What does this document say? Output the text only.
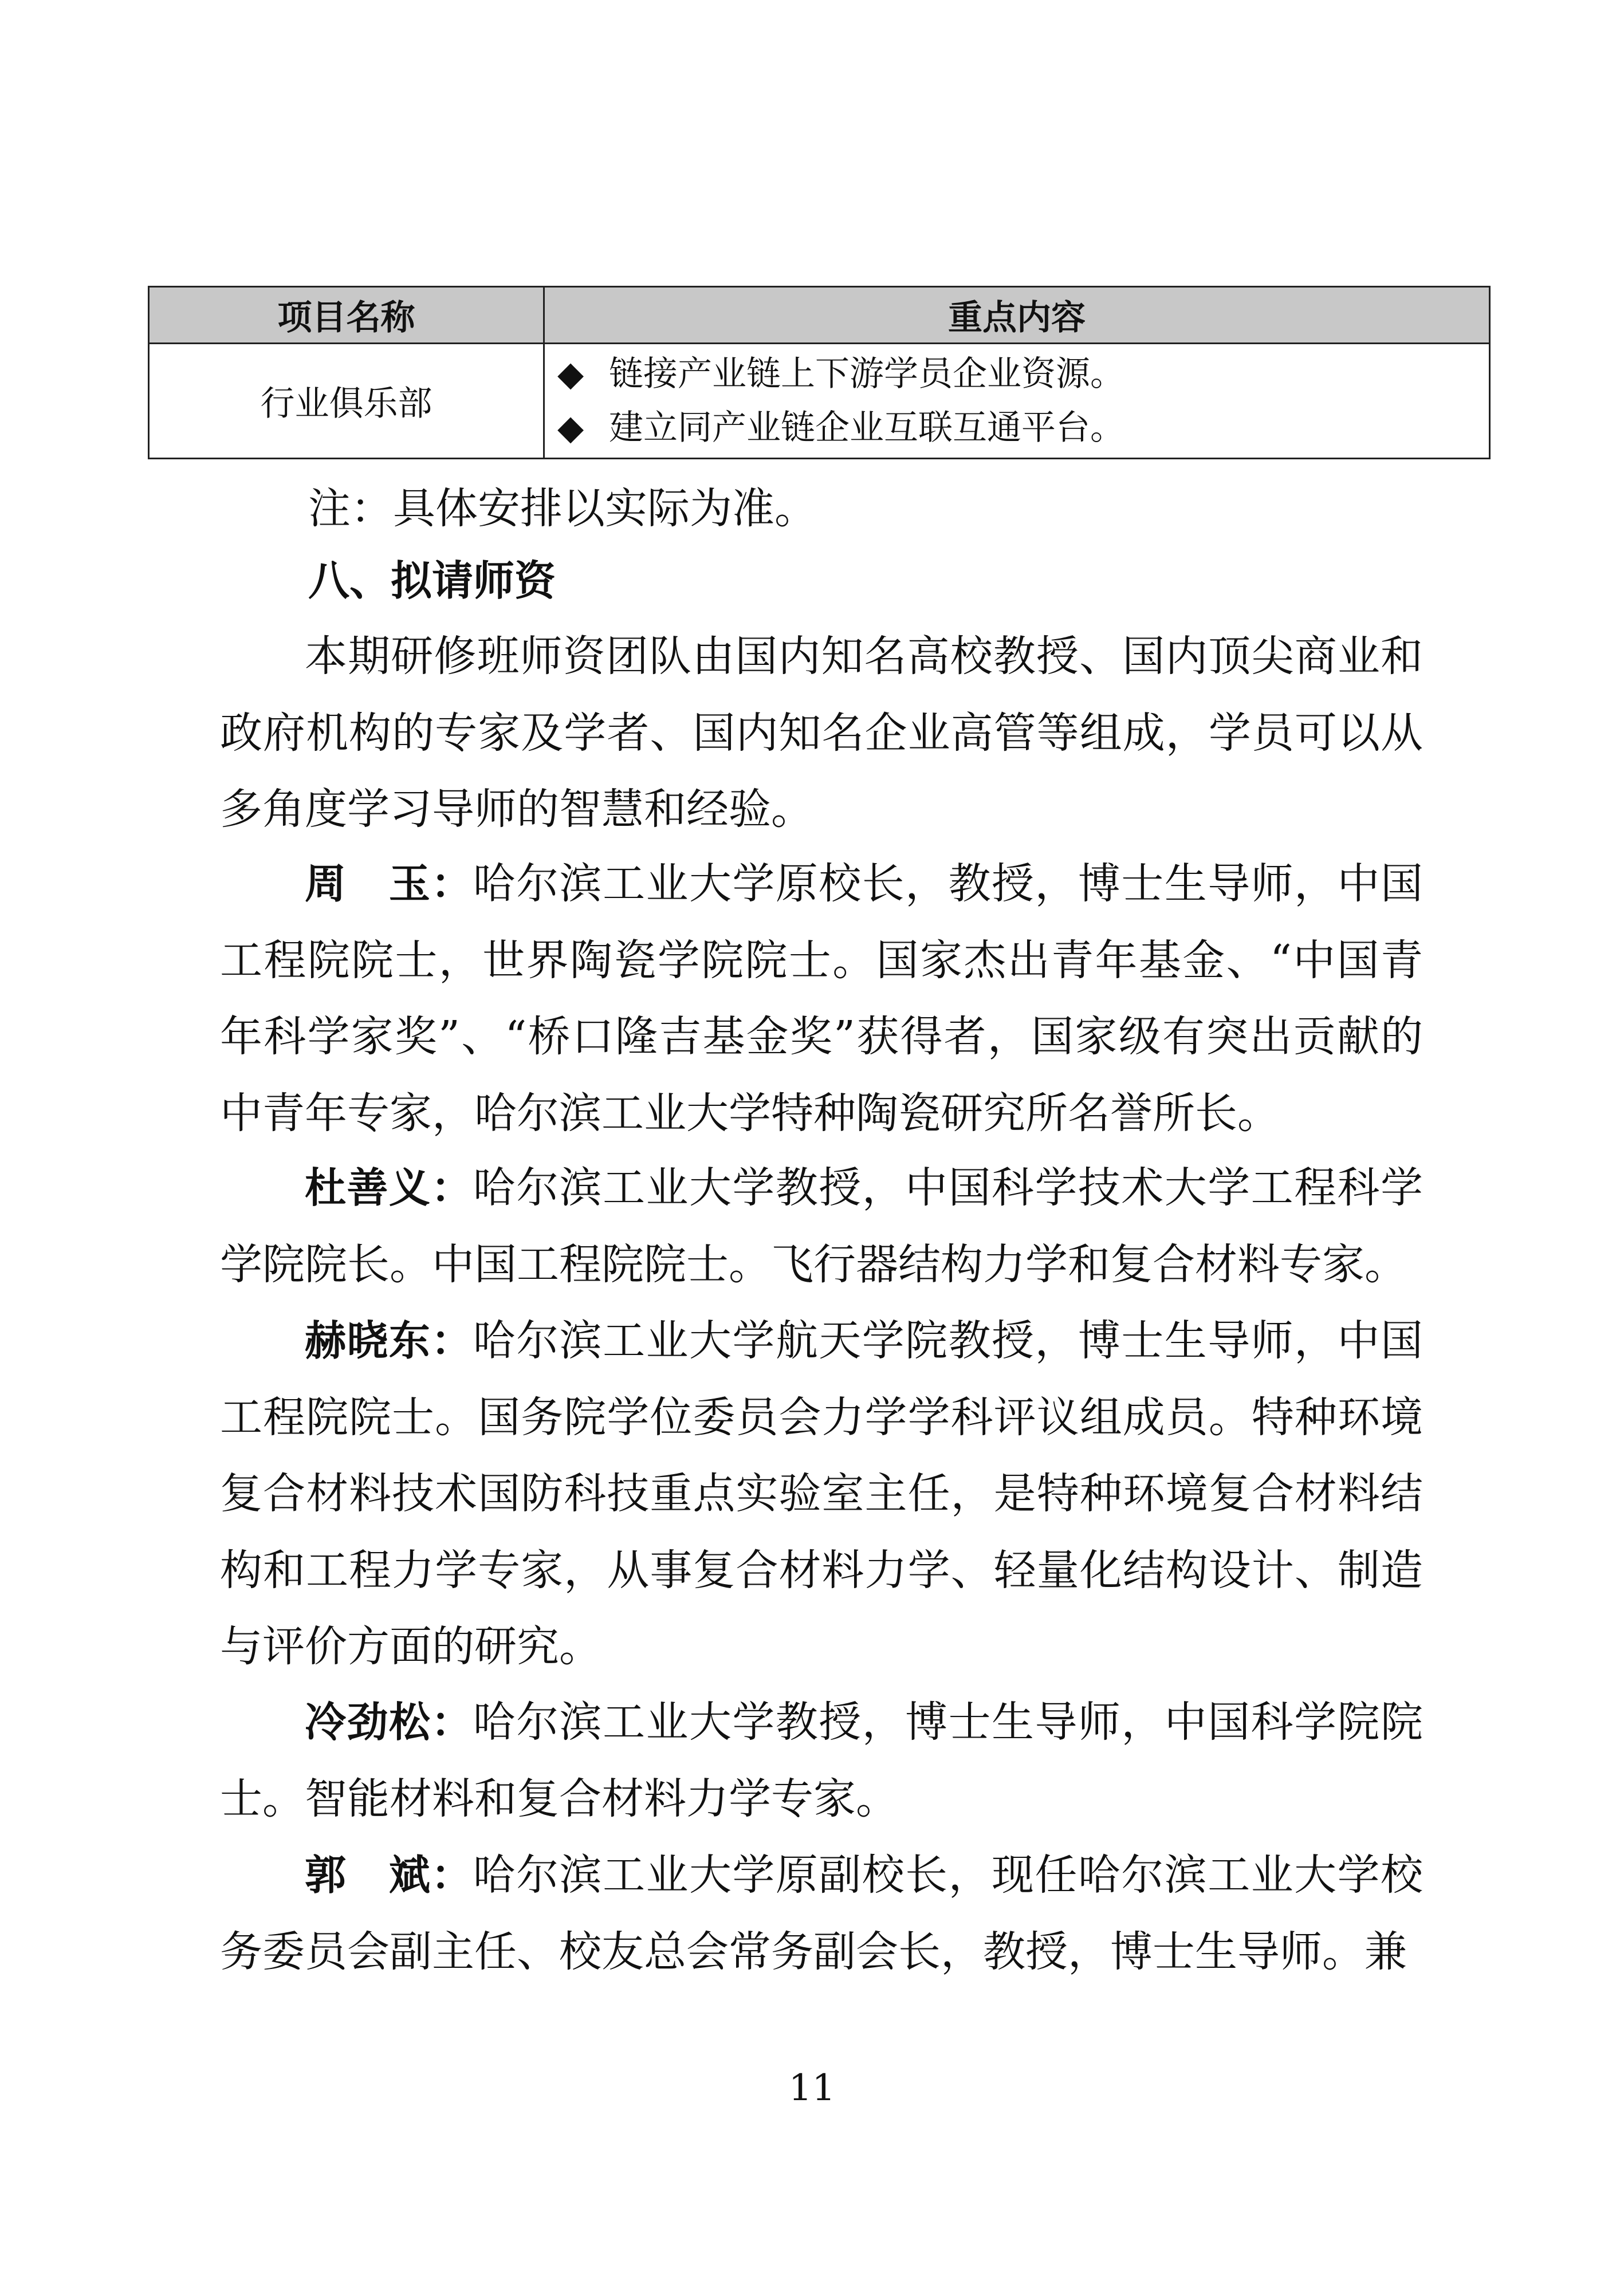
项目名称	重点内容
行业俱乐部	◆ 链接产业链上下游学员企业资源。
◆ 建立同产业链企业互联互通平台。
注：具体安排以实际为准。
八、拟请师资

本期研修班师资团队由国内知名高校教授、国内顶尖商业和政府机构的专家及学者、国内知名企业高管等组成，学员可以从多角度学习导师的智慧和经验。

周　玉：哈尔滨工业大学原校长，教授，博士生导师，中国工程院院士，世界陶瓷学院院士。国家杰出青年基金、“中国青年科学家奖”、“桥口隆吉基金奖”获得者，国家级有突出贡献的中青年专家，哈尔滨工业大学特种陶瓷研究所名誉所长。

杜善义：哈尔滨工业大学教授，中国科学技术大学工程科学学院院长。中国工程院院士。飞行器结构力学和复合材料专家。

赫晓东：哈尔滨工业大学航天学院教授，博士生导师，中国工程院院士。国务院学位委员会力学学科评议组成员。特种环境复合材料技术国防科技重点实验室主任，是特种环境复合材料结构和工程力学专家，从事复合材料力学、轻量化结构设计、制造与评价方面的研究。

冷劲松：哈尔滨工业大学教授，博士生导师，中国科学院院士。智能材料和复合材料力学专家。

郭　斌：哈尔滨工业大学原副校长，现任哈尔滨工业大学校务委员会副主任、校友总会常务副会长，教授，博士生导师。兼

11
